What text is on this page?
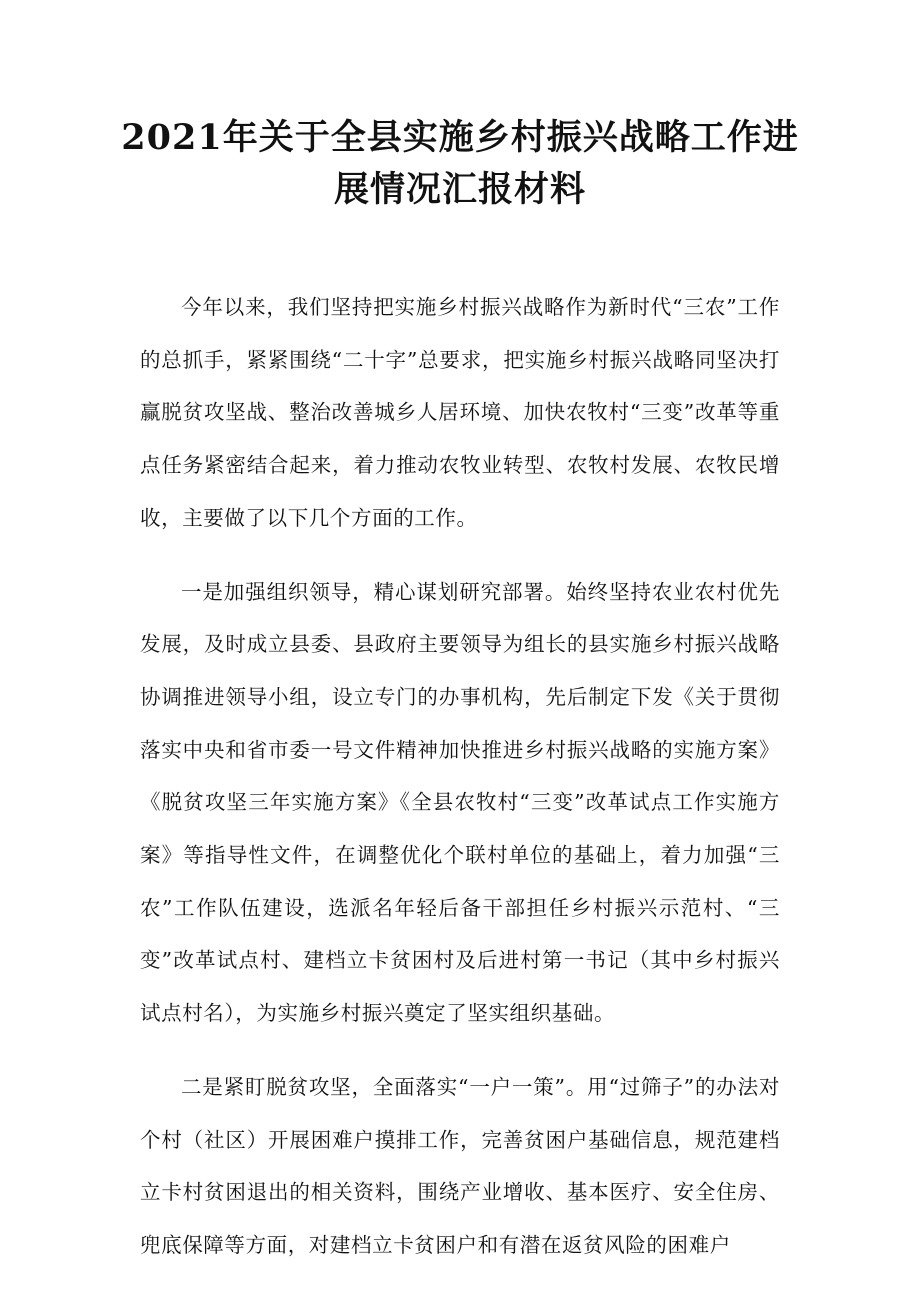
2021年关于全县实施乡村振兴战略工作进展情况汇报材料

今年以来，我们坚持把实施乡村振兴战略作为新时代“三农”工作的总抓手，紧紧围绕“二十字”总要求，把实施乡村振兴战略同坚决打赢脱贫攻坚战、整治改善城乡人居环境、加快农牧村“三变”改革等重点任务紧密结合起来，着力推动农牧业转型、农牧村发展、农牧民增收，主要做了以下几个方面的工作。

一是加强组织领导，精心谋划研究部署。始终坚持农业农村优先发展，及时成立县委、县政府主要领导为组长的县实施乡村振兴战略协调推进领导小组，设立专门的办事机构，先后制定下发《关于贯彻落实中央和省市委一号文件精神加快推进乡村振兴战略的实施方案》《脱贫攻坚三年实施方案》《全县农牧村“三变”改革试点工作实施方案》等指导性文件，在调整优化个联村单位的基础上，着力加强“三农”工作队伍建设，选派名年轻后备干部担任乡村振兴示范村、“三变”改革试点村、建档立卡贫困村及后进村第一书记（其中乡村振兴试点村名），为实施乡村振兴奠定了坚实组织基础。

二是紧盯脱贫攻坚，全面落实“一户一策”。用“过筛子”的办法对个村（社区）开展困难户摸排工作，完善贫困户基础信息，规范建档立卡村贫困退出的相关资料，围绕产业增收、基本医疗、安全住房、兜底保障等方面，对建档立卡贫困户和有潜在返贫风险的困难户
